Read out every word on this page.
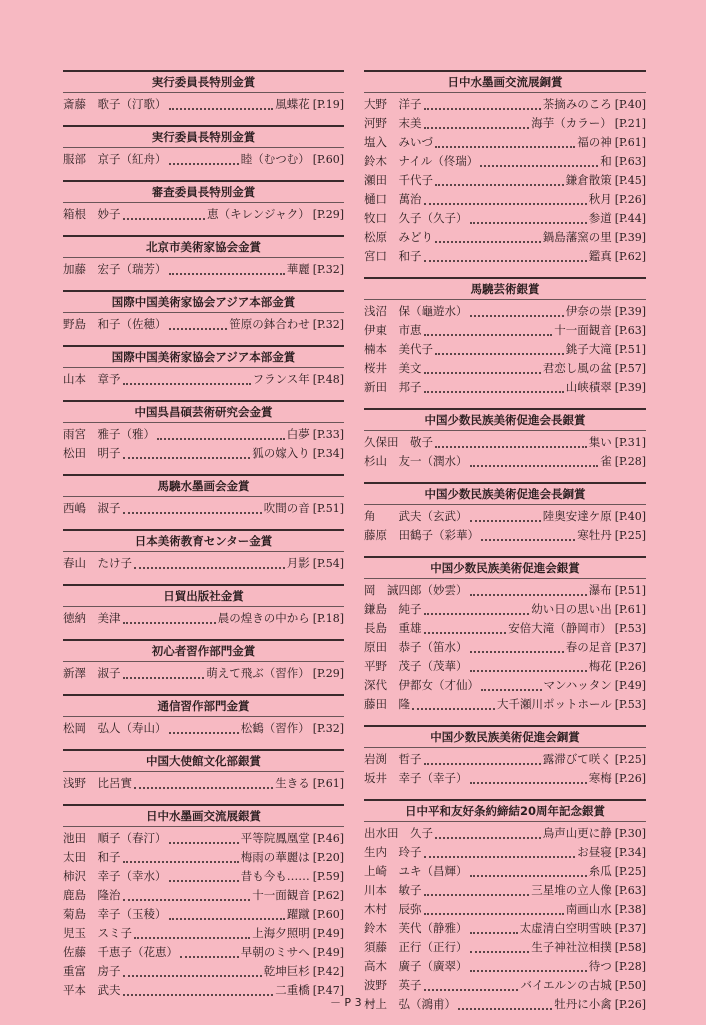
実行委員長特別金賞
斎藤　歌子（汀歌）	風蝶花 [P.19]
実行委員長特別金賞
服部　京子（紅舟）	睦（むつむ） [P.60]
審査委員長特別金賞
箱根　妙子	恵（キレンジャク） [P.29]
北京市美術家協会金賞
加藤　宏子（瑞芳）	華麗 [P.32]
国際中国美術家協会アジア本部金賞
野島　和子（佐穂）	笹原の鉢合わせ [P.32]
国際中国美術家協会アジア本部金賞
山本　章予	フランス年 [P.48]
中国呉昌碩芸術研究会金賞
雨宮　雅子（雅）	白夢 [P.33]
松田　明子	狐の嫁入り [P.34]
馬驍水墨画会金賞
西嶋　淑子	吹間の音 [P.51]
日本美術教育センター金賞
春山　たけ子	月影 [P.54]
日貿出版社金賞
徳納　美津	晨の煌きの中から [P.18]
初心者習作部門金賞
新澤　淑子	萌えて飛ぶ（習作） [P.29]
通信習作部門金賞
松岡　弘人（寿山）	松鶴（習作） [P.32]
中国大使館文化部銀賞
浅野　比呂實	生きる [P.61]
日中水墨画交流展銀賞
池田　順子（春汀）	平等院鳳凰堂 [P.46]
太田　和子	梅雨の華麗は [P.20]
柿沢　幸子（幸水）	昔も今も…… [P.59]
鹿島　隆治	十一面観音 [P.62]
菊島　幸子（玉稜）	躍蹴 [P.60]
児玉　スミ子	上海夕照明 [P.49]
佐藤　千恵子（花恵）	早朝のミサへ [P.49]
重富　房子	乾坤巨杉 [P.42]
平本　武夫	二重橋 [P.47]
日中水墨画交流展銅賞
大野　洋子	茶摘みのころ [P.40]
河野　末美	海芋（カラー） [P.21]
塩入　みいづ	福の神 [P.61]
鈴木　ナイル（佟瑞）	和 [P.63]
瀬田　千代子	鎌倉散策 [P.45]
樋口　萬治	秋月 [P.26]
牧口　久子（久子）	参道 [P.44]
松原　みどり	鍋島藩窯の里 [P.39]
宮口　和子	鑑真 [P.62]
馬驍芸術銀賞
浅沼　保（龜遊水）	伊奈の崇 [P.39]
伊東　市恵	十一面観音 [P.63]
楠本　美代子	銚子大滝 [P.51]
桜井　美文	君恋し風の盆 [P.57]
新田　邦子	山峡積翠 [P.39]
中国少数民族美術促進会長銀賞
久保田　敬子	集い [P.31]
杉山　友一（潤水）	雀 [P.28]
中国少数民族美術促進会長銅賞
角　　武夫（玄武）	陸奥安達ケ原 [P.40]
藤原　田鶴子（彩華）	寒牡丹 [P.25]
中国少数民族美術促進会銀賞
岡　誠四郎（妙雲）	瀑布 [P.51]
鎌島　純子	幼い日の思い出 [P.61]
長島　重雄	安倍大滝（静岡市） [P.53]
原田　恭子（笛水）	春の足音 [P.37]
平野　茂子（茂華）	梅花 [P.26]
深代　伊都女（才仙）	マンハッタン [P.49]
藤田　隆	大千瀬川ポットホール [P.53]
中国少数民族美術促進会銅賞
岩渕　哲子	露滞びて咲く [P.25]
坂井　幸子（幸子）	寒梅 [P.26]
日中平和友好条約締結20周年記念銀賞
出水田　久子	鳥声山更に静 [P.30]
生内　玲子	お昼寝 [P.34]
上崎　ユキ（昌輝）	糸瓜 [P.25]
川本　敏子	三星堆の立人像 [P.63]
木村　辰弥	南画山水 [P.38]
鈴木　芙代（静雅）	太虚清白空明雪映 [P.37]
須藤　正行（正行）	生子神社泣相撲 [P.58]
高木　廣子（廣翠）	待つ [P.28]
波野　英子	バイエルンの古城 [P.50]
村上　弘（鴻甫）	牡丹に小禽 [P.26]
－ P 3 －
